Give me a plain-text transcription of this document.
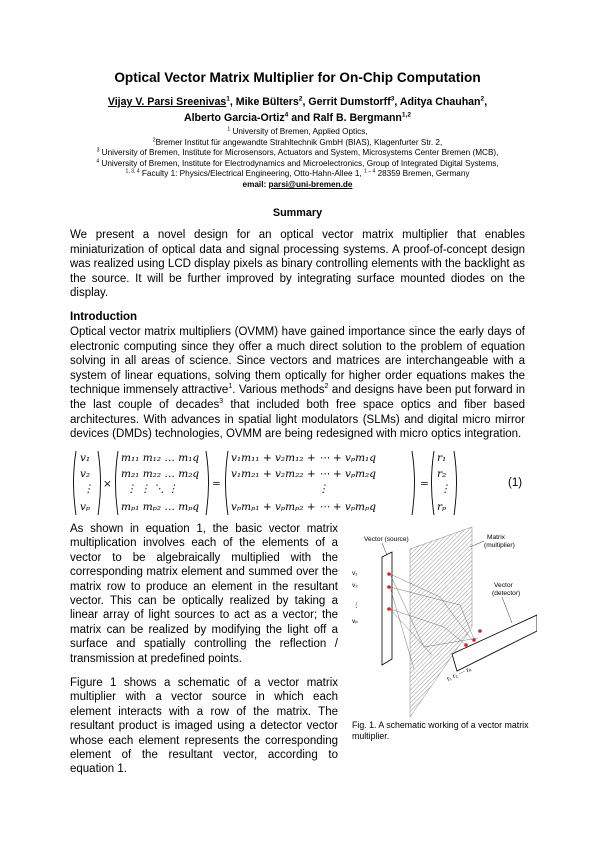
Optical Vector Matrix Multiplier for On-Chip Computation
Vijay V. Parsi Sreenivas$^1$, Mike Bülters$^2$, Gerrit Dumstorff$^3$, Aditya Chauhan$^2$,
Alberto Garcia-Ortiz$^4$ and Ralf B. Bergmann$^{1,2}$
$^1$ University of Bremen, Applied Optics,
$^2$Bremer Institut für angewandte Strahltechnik GmbH (BIAS), Klagenfurter Str. 2,
$^3$ University of Bremen, Institute for Microsensors, Actuators and System, Microsystems Center Bremen (MCB),
$^4$ University of Bremen, Institute for Electrodynamics and Microelectronics, Group of Integrated Digital Systems,
$^{1, 3, 4}$ Faculty 1: Physics/Electrical Engineering, Otto-Hahn-Allee 1, $^{1 - 4}$ 28359 Bremen, Germany
email: parsi@uni-bremen.de
Summary
We present a novel design for an optical vector matrix multiplier that enables miniaturization of optical data and signal processing systems. A proof-of-concept design was realized using LCD display pixels as binary controlling elements with the backlight as the source. It will be further improved by integrating surface mounted diodes on the display.
Introduction
Optical vector matrix multipliers (OVMM) have gained importance since the early days of electronic computing since they offer a much direct solution to the problem of equation solving in all areas of science. Since vectors and matrices are interchangeable with a system of linear equations, solving them optically for higher order equations makes the technique immensely attractive$^1$. Various methods$^2$ and designs have been put forward in the last couple of decades$^3$ that included both free space optics and fiber based architectures. With advances in spatial light modulators (SLMs) and digital micro mirror devices (DMDs) technologies, OVMM are being redesigned with micro optics integration.
v₁
v₂
⋮
vₚ
×
m₁₁ m₁₂ … m₁q
m₂₁ m₂₂ … m₂q
⋮ ⋮ ⋱ ⋮
mₚ₁ mₚ₂ … mₚq
=
v₁m₁₁ + v₂m₁₂ + ⋯ + vₚm₁q
v₁m₂₁ + v₂m₂₂ + ⋯ + vₚm₂q
⋮
vₚmₚ₁ + vₚmₚ₂ + ⋯ + vₚmₚq
=
r₁
r₂
⋮
rₚ
(1)
As shown in equation 1, the basic vector matrix multiplication involves each of the elements of a vector to be algebraically multiplied with the corresponding matrix element and summed over the matrix row to produce an element in the resultant vector. This can be optically realized by taking a linear array of light sources to act as a vector; the matrix can be realized by modifying the light off a surface and spatially controlling the reflection / transmission at predefined points.
Figure 1 shows a schematic of a vector matrix multiplier with a vector source in which each element interacts with a row of the matrix. The resultant product is imaged using a detector vector whose each element represents the corresponding element of the resultant vector, according to equation 1.
Vector (source)	Matrix
(multiplier)
Vector
(detector)
v₁
v₂
⋮
vₚ
r₁ r₂ ⋯ rₚ
Fig. 1. A schematic working of a vector matrix multiplier.
